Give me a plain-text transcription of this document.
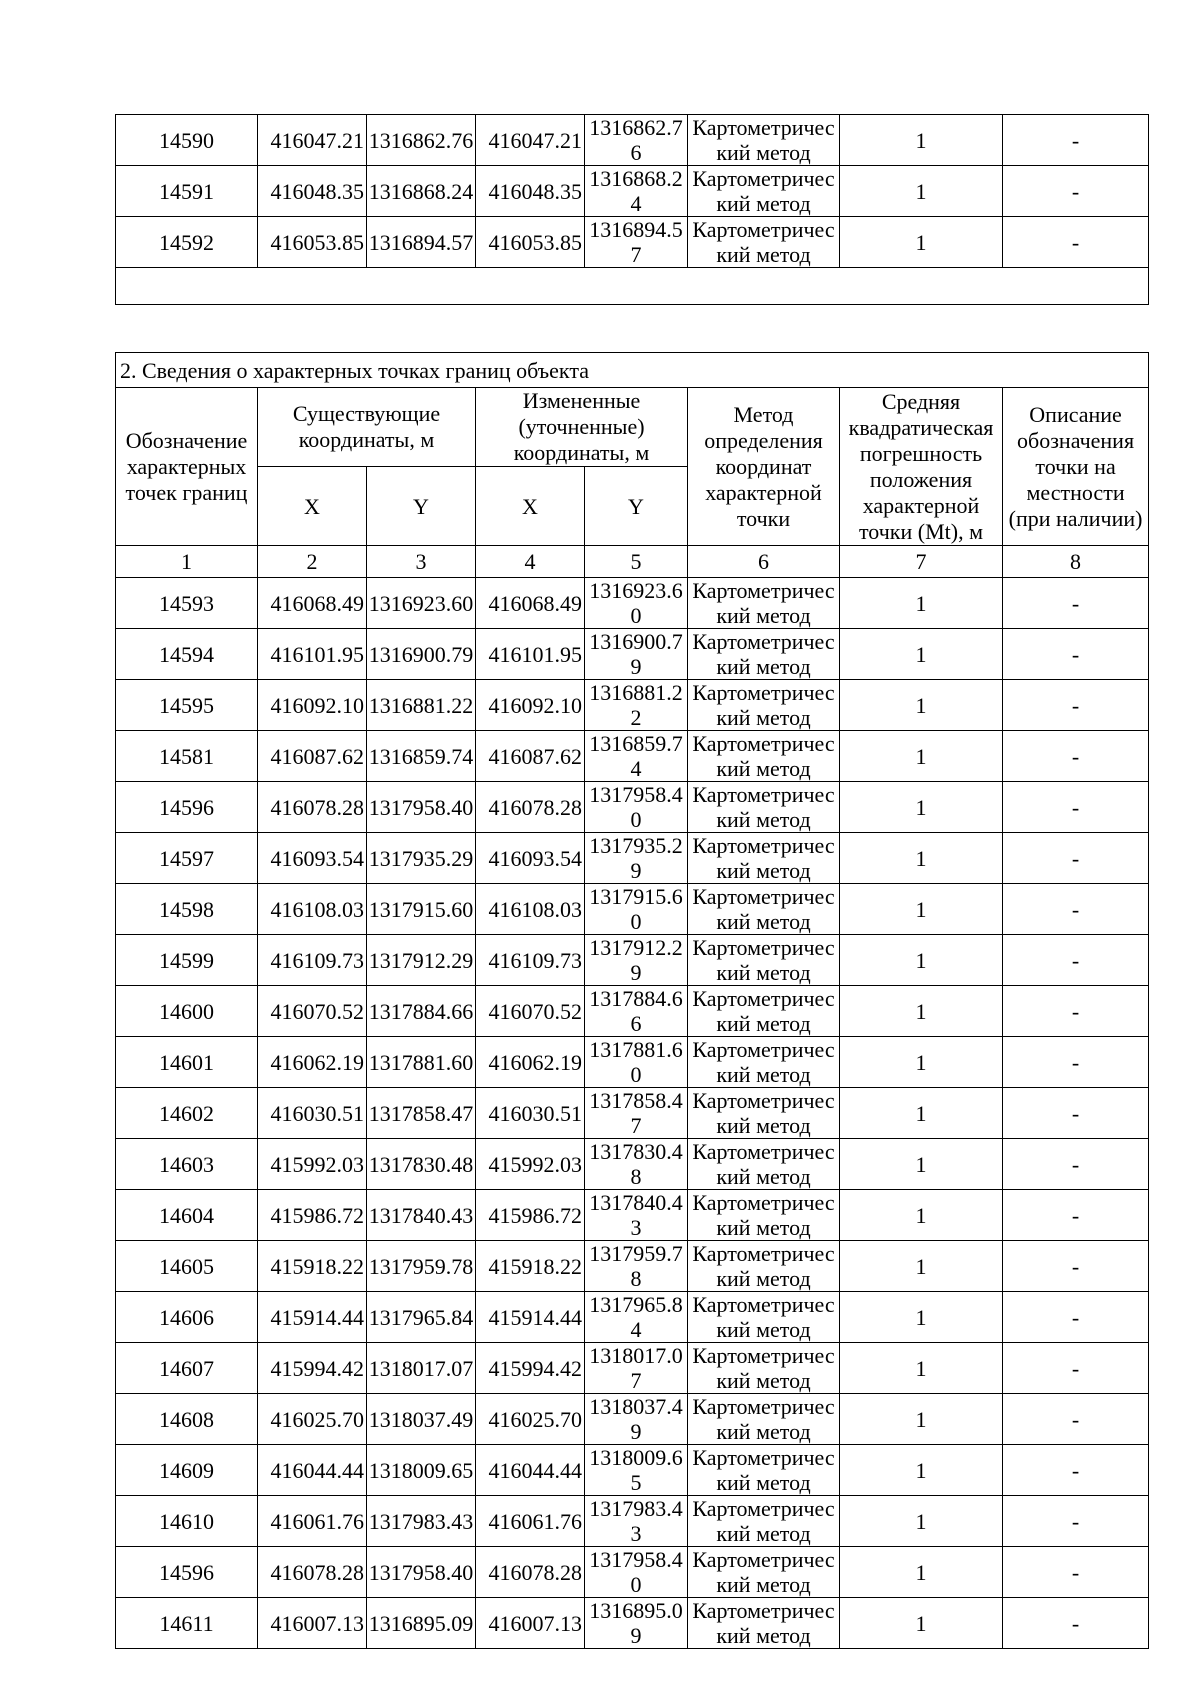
14590	416047.21	1316862.76	416047.21	1316862.76	Картометрический метод	1	-
14591	416048.35	1316868.24	416048.35	1316868.24	Картометрический метод	1	-
14592	416053.85	1316894.57	416053.85	1316894.57	Картометрический метод	1	-

2. Сведения о характерных точках границ объекта							
Обозначение характерных точек границ	Существующие координаты, м		Измененные (уточненные) координаты, м		Метод определения координат характерной точки	Средняя квадратическая погрешность положения характерной точки (Mt), м	Описание обозначения точки на местности (при наличии)
	X	Y	X	Y			
1	2	3	4	5	6	7	8
14593	416068.49	1316923.60	416068.49	1316923.60	Картометрический метод	1	-
14594	416101.95	1316900.79	416101.95	1316900.79	Картометрический метод	1	-
14595	416092.10	1316881.22	416092.10	1316881.22	Картометрический метод	1	-
14581	416087.62	1316859.74	416087.62	1316859.74	Картометрический метод	1	-
14596	416078.28	1317958.40	416078.28	1317958.40	Картометрический метод	1	-
14597	416093.54	1317935.29	416093.54	1317935.29	Картометрический метод	1	-
14598	416108.03	1317915.60	416108.03	1317915.60	Картометрический метод	1	-
14599	416109.73	1317912.29	416109.73	1317912.29	Картометрический метод	1	-
14600	416070.52	1317884.66	416070.52	1317884.66	Картометрический метод	1	-
14601	416062.19	1317881.60	416062.19	1317881.60	Картометрический метод	1	-
14602	416030.51	1317858.47	416030.51	1317858.47	Картометрический метод	1	-
14603	415992.03	1317830.48	415992.03	1317830.48	Картометрический метод	1	-
14604	415986.72	1317840.43	415986.72	1317840.43	Картометрический метод	1	-
14605	415918.22	1317959.78	415918.22	1317959.78	Картометрический метод	1	-
14606	415914.44	1317965.84	415914.44	1317965.84	Картометрический метод	1	-
14607	415994.42	1318017.07	415994.42	1318017.07	Картометрический метод	1	-
14608	416025.70	1318037.49	416025.70	1318037.49	Картометрический метод	1	-
14609	416044.44	1318009.65	416044.44	1318009.65	Картометрический метод	1	-
14610	416061.76	1317983.43	416061.76	1317983.43	Картометрический метод	1	-
14596	416078.28	1317958.40	416078.28	1317958.40	Картометрический метод	1	-
14611	416007.13	1316895.09	416007.13	1316895.09	Картометрический метод	1	-
